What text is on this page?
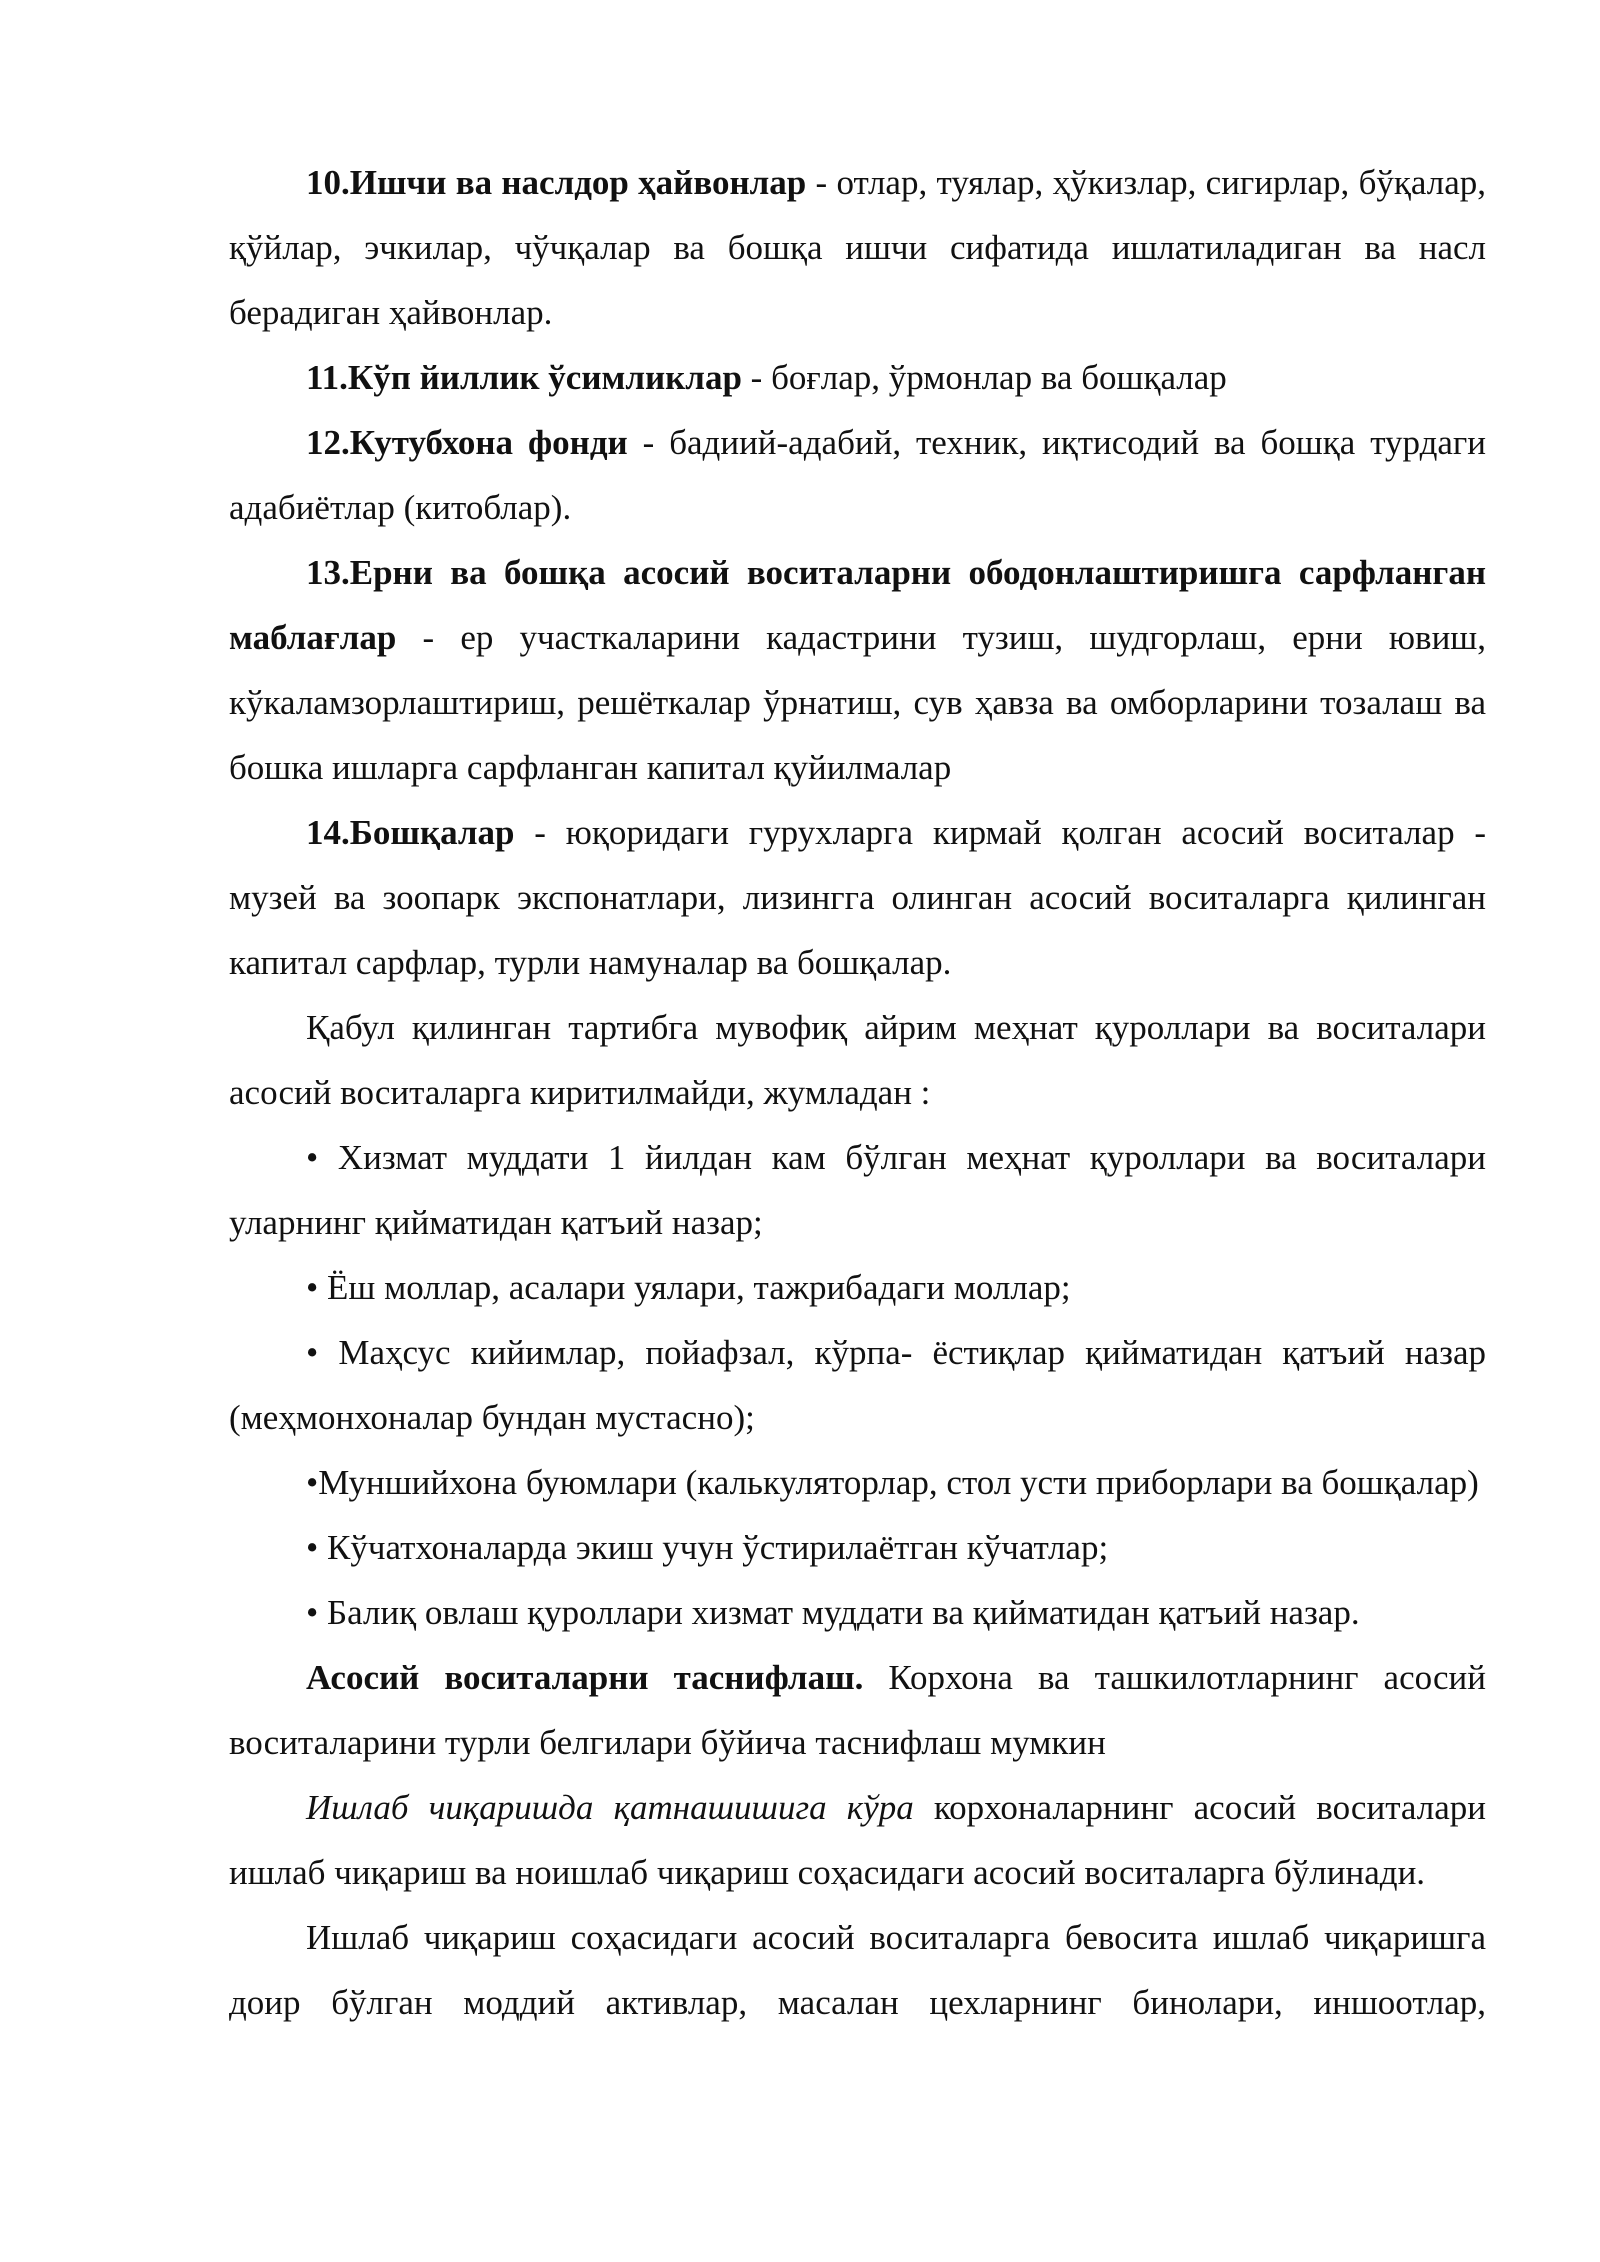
10.Ишчи ва наслдор ҳайвонлар - отлар, туялар, ҳўкизлар, сигирлар, бўқалар, қўйлар, эчкилар, чўчқалар ва бошқа ишчи сифатида ишлатиладиган ва насл берадиган ҳайвонлар.

11.Кўп йиллик ўсимликлар - боғлар, ўрмонлар ва бошқалар

12.Кутубхона фонди - бадиий-адабий, техник, иқтисодий ва бошқа турдаги адабиётлар (китоблар).

13.Ерни ва бошқа асосий воситаларни ободонлаштиришга сарфланган маблағлар - ер участкаларини кадастрини тузиш, шудгорлаш, ерни ювиш, кўкаламзорлаштириш, решёткалар ўрнатиш, сув ҳавза ва омборларини тозалаш ва бошка ишларга сарфланган капитал қуйилмалар

14.Бошқалар - юқоридаги гурухларга кирмай қолган асосий воситалар - музей ва зоопарк экспонатлари, лизингга олинган асосий воситаларга қилинган капитал сарфлар, турли намуналар ва бошқалар.

Қабул қилинган тартибга мувофиқ айрим меҳнат қуроллари ва воситалари асосий воситаларга киритилмайди, жумладан :

• Хизмат муддати 1 йилдан кам бўлган меҳнат қуроллари ва воситалари уларнинг қийматидан қатъий назар;

• Ёш моллар, асалари уялари, тажрибадаги моллар;

• Маҳсус кийимлар, пойафзал, кўрпа- ёстиқлар қийматидан қатъий назар (меҳмонхоналар бундан мустасно);

•Муншийхона буюмлари (калькуляторлар, стол усти приборлари ва бошқалар)

• Кўчатхоналарда экиш учун ўстирилаётган кўчатлар;

• Балиқ овлаш қуроллари хизмат муддати ва қийматидан қатъий назар.

Асосий воситаларни таснифлаш. Корхона ва ташкилотларнинг асосий воситаларини турли белгилари бўйича таснифлаш мумкин

Ишлаб чиқаришда қатнашишига кўра корхоналарнинг асосий воситалари ишлаб чиқариш ва ноишлаб чиқариш соҳасидаги асосий воситаларга бўлинади.

Ишлаб чиқариш соҳасидаги асосий воситаларга бевосита ишлаб чиқаришга доир бўлган моддий активлар, масалан цехларнинг бинолари, иншоотлар,
